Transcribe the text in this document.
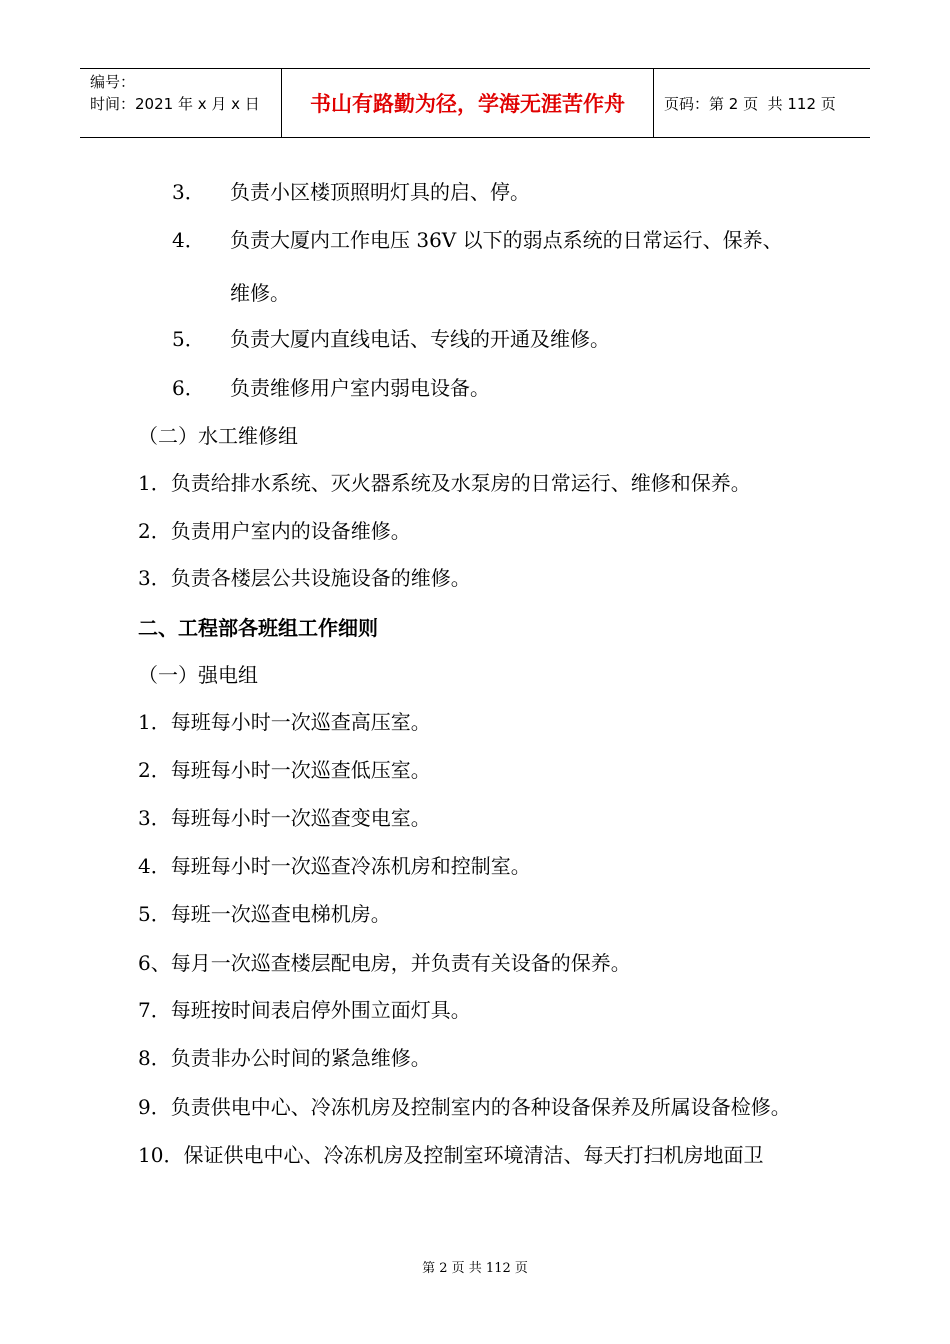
编号：
时间：2021 年 x 月 x 日	书山有路勤为径，学海无涯苦作舟	页码：第 2 页  共 112 页
3． 负责小区楼顶照明灯具的启、停。
4． 负责大厦内工作电压 36V 以下的弱点系统的日常运行、保养、
维修。
5． 负责大厦内直线电话、专线的开通及维修。
6． 负责维修用户室内弱电设备。
（二）水工维修组
1．负责给排水系统、灭火器系统及水泵房的日常运行、维修和保养。
2．负责用户室内的设备维修。
3．负责各楼层公共设施设备的维修。
二、工程部各班组工作细则
（一）强电组
1．每班每小时一次巡查高压室。
2．每班每小时一次巡查低压室。
3．每班每小时一次巡查变电室。
4．每班每小时一次巡查冷冻机房和控制室。
5．每班一次巡查电梯机房。
6、每月一次巡查楼层配电房，并负责有关设备的保养。
7．每班按时间表启停外围立面灯具。
8．负责非办公时间的紧急维修。
9．负责供电中心、冷冻机房及控制室内的各种设备保养及所属设备检修。
10．保证供电中心、冷冻机房及控制室环境清洁、每天打扫机房地面卫
第 2 页 共 112 页
